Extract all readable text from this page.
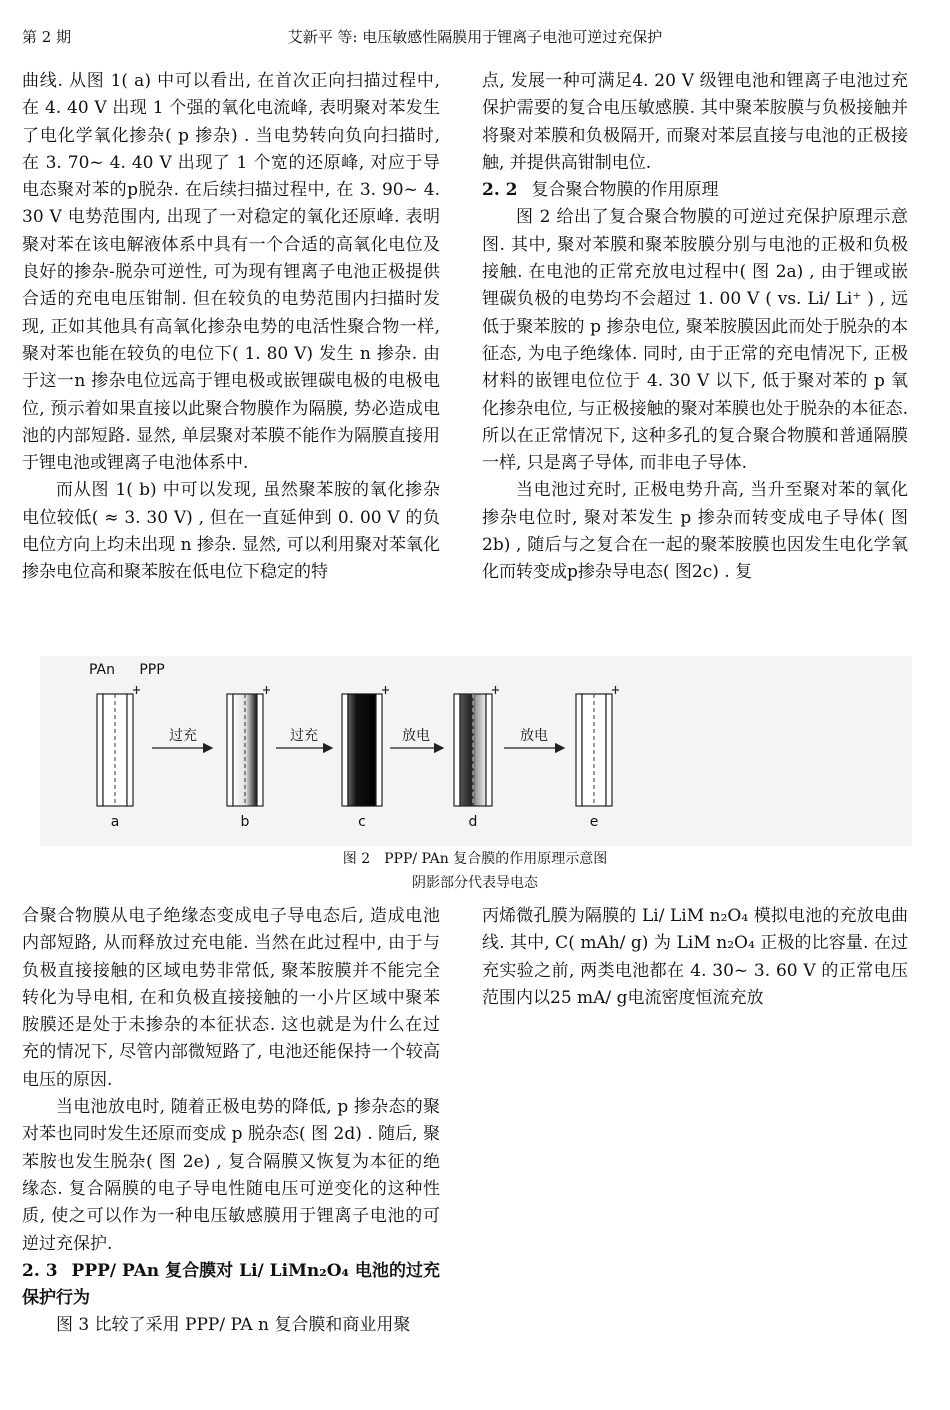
第 2 期	艾新平 等: 电压敏感性隔膜用于锂离子电池可逆过充保护

曲线. 从图 1( a) 中可以看出, 在首次正向扫描过程中, 在 4. 40 V 出现 1 个强的氧化电流峰, 表明聚对苯发生了电化学氧化掺杂( p 掺杂) . 当电势转向负向扫描时, 在 3. 70~ 4. 40 V 出现了 1 个宽的还原峰, 对应于导电态聚对苯的p脱杂. 在后续扫描过程中, 在 3. 90~ 4. 30 V 电势范围内, 出现了一对稳定的氧化还原峰. 表明聚对苯在该电解液体系中具有一个合适的高氧化电位及良好的掺杂-脱杂可逆性, 可为现有锂离子电池正极提供合适的充电电压钳制. 但在较负的电势范围内扫描时发现, 正如其他具有高氧化掺杂电势的电活性聚合物一样, 聚对苯也能在较负的电位下( 1. 80 V) 发生 n 掺杂. 由于这一n 掺杂电位远高于锂电极或嵌锂碳电极的电极电位, 预示着如果直接以此聚合物膜作为隔膜, 势必造成电池的内部短路. 显然, 单层聚对苯膜不能作为隔膜直接用于锂电池或锂离子电池体系中.

而从图 1( b) 中可以发现, 虽然聚苯胺的氧化掺杂电位较低( ≈ 3. 30 V) , 但在一直延伸到 0. 00 V 的负电位方向上均未出现 n 掺杂. 显然, 可以利用聚对苯氧化掺杂电位高和聚苯胺在低电位下稳定的特

点, 发展一种可满足4. 20 V 级锂电池和锂离子电池过充保护需要的复合电压敏感膜. 其中聚苯胺膜与负极接触并将聚对苯膜和负极隔开, 而聚对苯层直接与电池的正极接触, 并提供高钳制电位.

2. 2 复合聚合物膜的作用原理

图 2 给出了复合聚合物膜的可逆过充保护原理示意图. 其中, 聚对苯膜和聚苯胺膜分别与电池的正极和负极接触. 在电池的正常充放电过程中( 图 2a) , 由于锂或嵌锂碳负极的电势均不会超过 1. 00 V ( vs. Li/ Li⁺ ) , 远低于聚苯胺的 p 掺杂电位, 聚苯胺膜因此而处于脱杂的本征态, 为电子绝缘体. 同时, 由于正常的充电情况下, 正极材料的嵌锂电位位于 4. 30 V 以下, 低于聚对苯的 p 氧化掺杂电位, 与正极接触的聚对苯膜也处于脱杂的本征态. 所以在正常情况下, 这种多孔的复合聚合物膜和普通隔膜一样, 只是离子导体, 而非电子导体.

当电池过充时, 正极电势升高, 当升至聚对苯的氧化掺杂电位时, 聚对苯发生 p 掺杂而转变成电子导体( 图 2b) , 随后与之复合在一起的聚苯胺膜也因发生电化学氧化而转变成p掺杂导电态( 图2c) . 复

PAn PPP
过充	过充	放电	放电
a	b	c	d	e
图 2　PPP/ PAn 复合膜的作用原理示意图
阴影部分代表导电态

合聚合物膜从电子绝缘态变成电子导电态后, 造成电池内部短路, 从而释放过充电能. 当然在此过程中, 由于与负极直接接触的区域电势非常低, 聚苯胺膜并不能完全转化为导电相, 在和负极直接接触的一小片区域中聚苯胺膜还是处于未掺杂的本征状态. 这也就是为什么在过充的情况下, 尽管内部微短路了, 电池还能保持一个较高电压的原因.

当电池放电时, 随着正极电势的降低, p 掺杂态的聚对苯也同时发生还原而变成 p 脱杂态( 图 2d) . 随后, 聚苯胺也发生脱杂( 图 2e) , 复合隔膜又恢复为本征的绝缘态. 复合隔膜的电子导电性随电压可逆变化的这种性质, 使之可以作为一种电压敏感膜用于锂离子电池的可逆过充保护.

2. 3 PPP/ PAn 复合膜对 Li/ LiMn₂O₄ 电池的过充保护行为

图 3 比较了采用 PPP/ PA n 复合膜和商业用聚

丙烯微孔膜为隔膜的 Li/ LiM n₂O₄ 模拟电池的充放电曲线. 其中, C( mAh/ g) 为 LiM n₂O₄ 正极的比容量. 在过充实验之前, 两类电池都在 4. 30~ 3. 60 V 的正常电压范围内以25 mA/ g电流密度恒流充放
